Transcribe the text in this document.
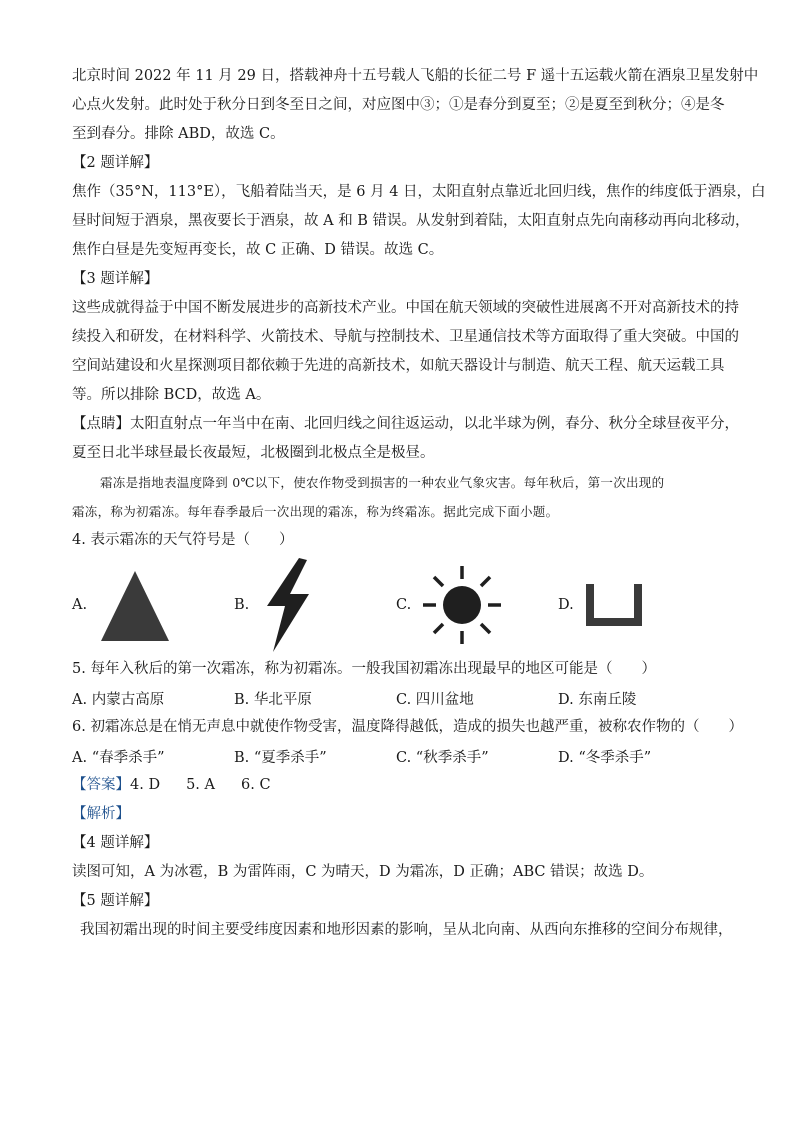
北京时间 2022 年 11 月 29 日，搭载神舟十五号载人飞船的长征二号 F 遥十五运载火箭在酒泉卫星发射中
心点火发射。此时处于秋分日到冬至日之间，对应图中③；①是春分到夏至；②是夏至到秋分；④是冬
至到春分。排除 ABD，故选 C。

【2 题详解】

焦作（35°N，113°E），飞船着陆当天，是 6 月 4 日，太阳直射点靠近北回归线，焦作的纬度低于酒泉，白
昼时间短于酒泉，黑夜要长于酒泉，故 A 和 B 错误。从发射到着陆，太阳直射点先向南移动再向北移动，
焦作白昼是先变短再变长，故 C 正确、D 错误。故选 C。

【3 题详解】

这些成就得益于中国不断发展进步的高新技术产业。中国在航天领域的突破性进展离不开对高新技术的持
续投入和研发，在材料科学、火箭技术、导航与控制技术、卫星通信技术等方面取得了重大突破。中国的
空间站建设和火星探测项目都依赖于先进的高新技术，如航天器设计与制造、航天工程、航天运载工具
等。所以排除 BCD，故选 A。

【点睛】太阳直射点一年当中在南、北回归线之间往返运动，以北半球为例，春分、秋分全球昼夜平分，
夏至日北半球昼最长夜最短，北极圈到北极点全是极昼。

霜冻是指地表温度降到 0℃以下，使农作物受到损害的一种农业气象灾害。每年秋后，第一次出现的
霜冻，称为初霜冻。每年春季最后一次出现的霜冻，称为终霜冻。据此完成下面小题。

4. 表示霜冻的天气符号是（　　）

A.	B.	C.	D.

5. 每年入秋后的第一次霜冻，称为初霜冻。一般我国初霜冻出现最早的地区可能是（　　）

A. 内蒙古高原	B. 华北平原	C. 四川盆地	D. 东南丘陵

6. 初霜冻总是在悄无声息中就使作物受害，温度降得越低，造成的损失也越严重，被称农作物的（　　）

A. “春季杀手”	B. “夏季杀手”	C. “秋季杀手”	D. “冬季杀手”

【答案】4. D 5. A 6. C

【解析】

【4 题详解】

读图可知，A 为冰雹，B 为雷阵雨，C 为晴天，D 为霜冻，D 正确；ABC 错误；故选 D。

【5 题详解】

我国初霜出现的时间主要受纬度因素和地形因素的影响，呈从北向南、从西向东推移的空间分布规律，
